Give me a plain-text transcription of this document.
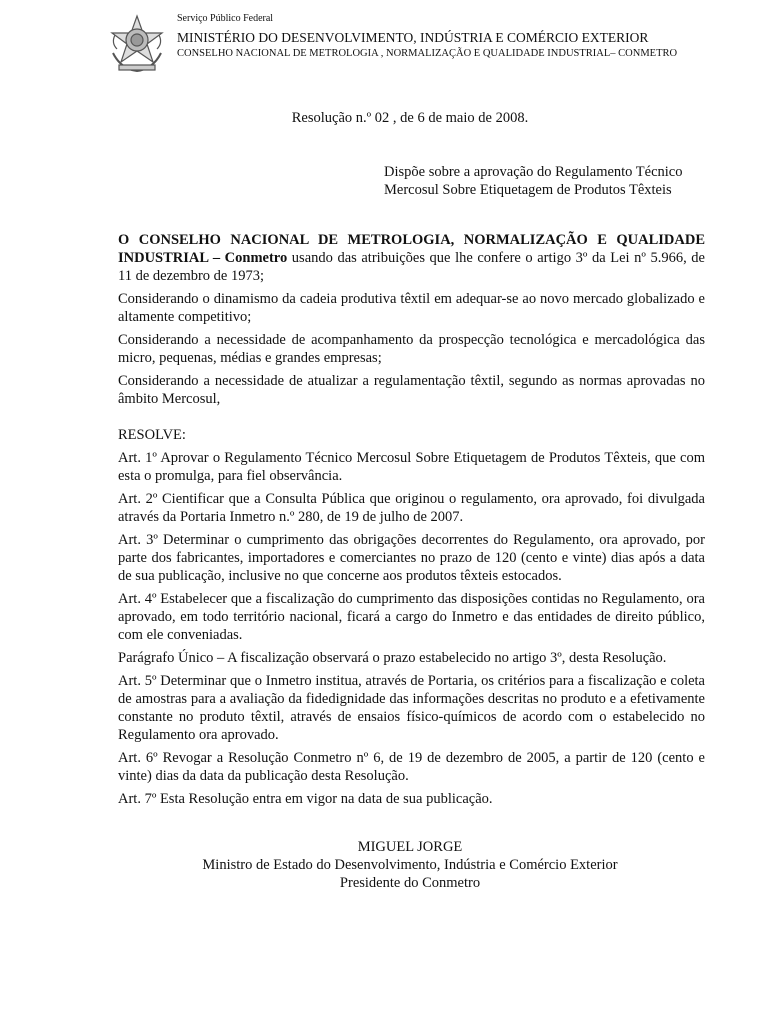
Serviço Público Federal
MINISTÉRIO DO DESENVOLVIMENTO, INDÚSTRIA E COMÉRCIO EXTERIOR
CONSELHO NACIONAL DE METROLOGIA , NORMALIZAÇÃO E QUALIDADE INDUSTRIAL– CONMETRO
Resolução n.º 02 , de 6 de maio de 2008.
Dispõe sobre a aprovação do Regulamento Técnico Mercosul Sobre Etiquetagem de Produtos Têxteis

O CONSELHO NACIONAL DE METROLOGIA, NORMALIZAÇÃO E QUALIDADE INDUSTRIAL – Conmetro usando das atribuições que lhe confere o artigo 3º da Lei nº 5.966, de 11 de dezembro de 1973;

Considerando o dinamismo da cadeia produtiva têxtil em adequar-se ao novo mercado globalizado e altamente competitivo;

Considerando a necessidade de acompanhamento da prospecção tecnológica e mercadológica das micro, pequenas, médias e grandes empresas;

Considerando a necessidade de atualizar a regulamentação têxtil, segundo as normas aprovadas no âmbito Mercosul,

RESOLVE:

Art. 1º Aprovar o Regulamento Técnico Mercosul Sobre Etiquetagem de Produtos Têxteis, que com esta o promulga, para fiel observância.

Art. 2º Cientificar que a Consulta Pública que originou o regulamento, ora aprovado, foi divulgada através da Portaria Inmetro n.º 280, de 19 de julho de 2007.

Art. 3º Determinar o cumprimento das obrigações decorrentes do Regulamento, ora aprovado, por parte dos fabricantes, importadores e comerciantes no prazo de 120 (cento e vinte) dias após a data de sua publicação, inclusive no que concerne aos produtos têxteis estocados.

Art. 4º Estabelecer que a fiscalização do cumprimento das disposições contidas no Regulamento, ora aprovado, em todo território nacional, ficará a cargo do Inmetro e das entidades de direito público, com ele conveniadas.

Parágrafo Único – A fiscalização observará o prazo estabelecido no artigo 3º, desta Resolução.

Art. 5º Determinar que o Inmetro institua, através de Portaria, os critérios para a fiscalização e coleta de amostras para a avaliação da fidedignidade das informações descritas no produto e a efetivamente constante no produto têxtil, através de ensaios físico-químicos de acordo com o estabelecido no Regulamento ora aprovado.

Art. 6º Revogar a Resolução Conmetro nº 6, de 19 de dezembro de 2005, a partir de 120 (cento e vinte) dias da data da publicação desta Resolução.

Art. 7º Esta Resolução entra em vigor na data de sua publicação.

MIGUEL JORGE
Ministro de Estado do Desenvolvimento, Indústria e Comércio Exterior
Presidente do Conmetro
